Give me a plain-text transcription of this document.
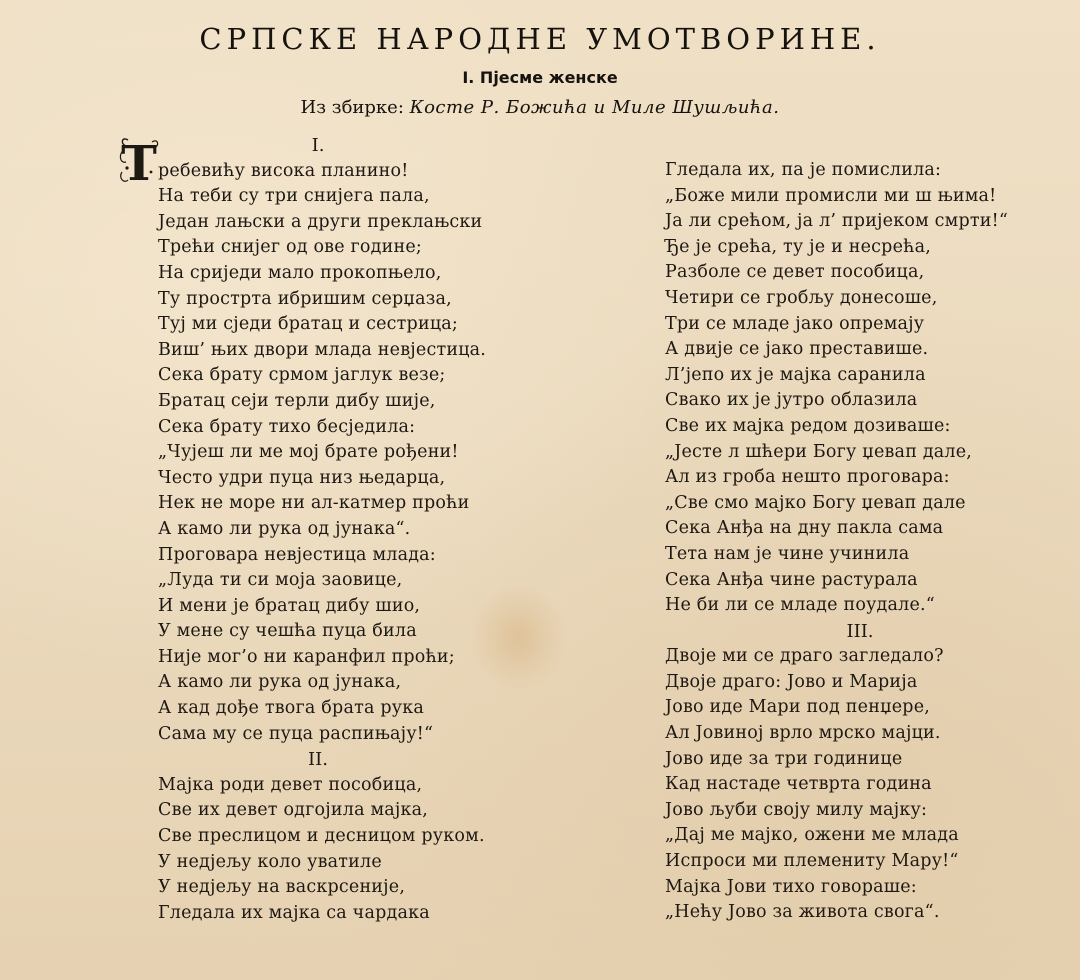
СРПСКЕ НАРОДНЕ УМОТВОРИНЕ.
I. Пјесме женске
Из збирке: Косте Р. Божића и Миле Шушљића.
Т	I.
ребевићу висока планино!
На теби су три снијега пала,
Један лањски а други преклањски
Трећи снијег од ове године;
На сриједи мало прокопњело,
Ту простртa ибришим серџаза,
Туј ми сједи братац и сестрица;
Виш’ њих двори млада невјестица.
Сека брату срмом јаглук везе;
Братац сеји терли дибу шије,
Сека брату тихо бесједила:
„Чујеш ли ме мој брате рођени!
Често удри пуца низ њедарца,
Нек не море ни ал-катмер проћи
А камо ли рука од јунака“.
Проговара невјестица млада:
„Луда ти си моја заовице,
И мени је братац дибу шио,
У мене су чешћа пуца била
Није мог’о ни каранфил проћи;
А камо ли рука од јунака,
А кад дође твога брата рука
Сама му се пуца распињају!“
II.
Мајка роди девет пособица,
Све их девет одгојила мајка,
Све преслицом и десницом руком.
У недјељу коло уватиле
У недјељу на васкрсеније,
Гледала их мајка са чардака
Гледала их, па је помислила:
„Боже мили промисли ми ш њима!
Ја ли срећом, ја л’ пријеком смрти!“
Ђе је срећа, ту је и несрећа,
Разболе се девет пособица,
Четири се гробљу донесоше,
Три се младе јако опремају
А двије се јако преставише.
Л’јепо их је мајка саранила
Свако их је јутро облазила
Све их мајка редом дозиваше:
„Јесте л шћери Богу џевап дале,
Ал из гроба нешто проговара:
„Све смо мајко Богу џевап дале
Сека Анђа на дну пакла сама
Тета нам је чине учинила
Сека Анђа чине растурала
Не би ли се младе поудале.“
III.
Двоје ми се драго загледало?
Двоје драго: Јово и Марија
Јово иде Мари под пенџере,
Ал Јовиној врло мрско мајци.
Јово иде за три годинице
Кад настаде четврта година
Јово љуби своју милу мајку:
„Дај ме мајко, ожени ме млада
Испроси ми племениту Мару!“
Мајка Јови тихо говораше:
„Нећу Јово за живота свога“.
